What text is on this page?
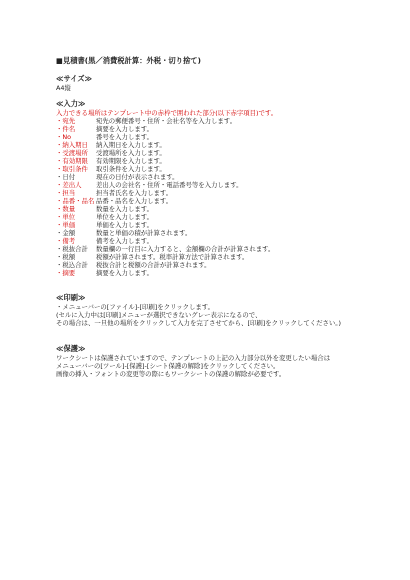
■見積書(黒／消費税計算：外税・切り捨て)
≪サイズ≫
A4縦
≪入力≫
入力できる場所はテンプレート中の赤枠で囲われた部分(以下赤字項目)です。
・宛先	宛先の郵便番号・住所・会社名等を入力します。
・件名	摘要を入力します。
・No	番号を入力します。
・納入期日	納入期日を入力します。
・受渡場所	受渡場所を入力します。
・有効期限	有効期限を入力します。
・取引条件	取引条件を入力します。
・日付	現在の日付が表示されます。
・差出人	差出人の会社名・住所・電話番号等を入力します。
・担当	担当者氏名を入力します。
・品番・品名 品番・品名を入力します。
・数量	数量を入力します。
・単位	単位を入力します。
・単価	単価を入力します。
・金額	数量と単価の積が計算されます。
・備考	備考を入力します。
・税抜合計	数量欄の一行目に入力すると、金額欄の合計が計算されます。
・税額	税額が計算されます。税率計算方法で計算されます。
・税込合計	税抜合計と税額の合計が計算されます。
・摘要	摘要を入力します。
≪印刷≫
・メニューバーの[ファイル]-[印刷]をクリックします。
(セルに入力中は[印刷]メニューが選択できないグレー表示になるので、
その場合は、一旦他の場所をクリックして入力を完了させてから、[印刷]をクリックしてください。)
≪保護≫
ワークシートは保護されていますので、テンプレートの上記の入力部分以外を変更したい場合は
メニューバーの[ツール]-[保護]-[シート保護の解除]をクリックしてください。
画像の挿入・フォントの変更等の際にもワークシートの保護の解除が必要です。
